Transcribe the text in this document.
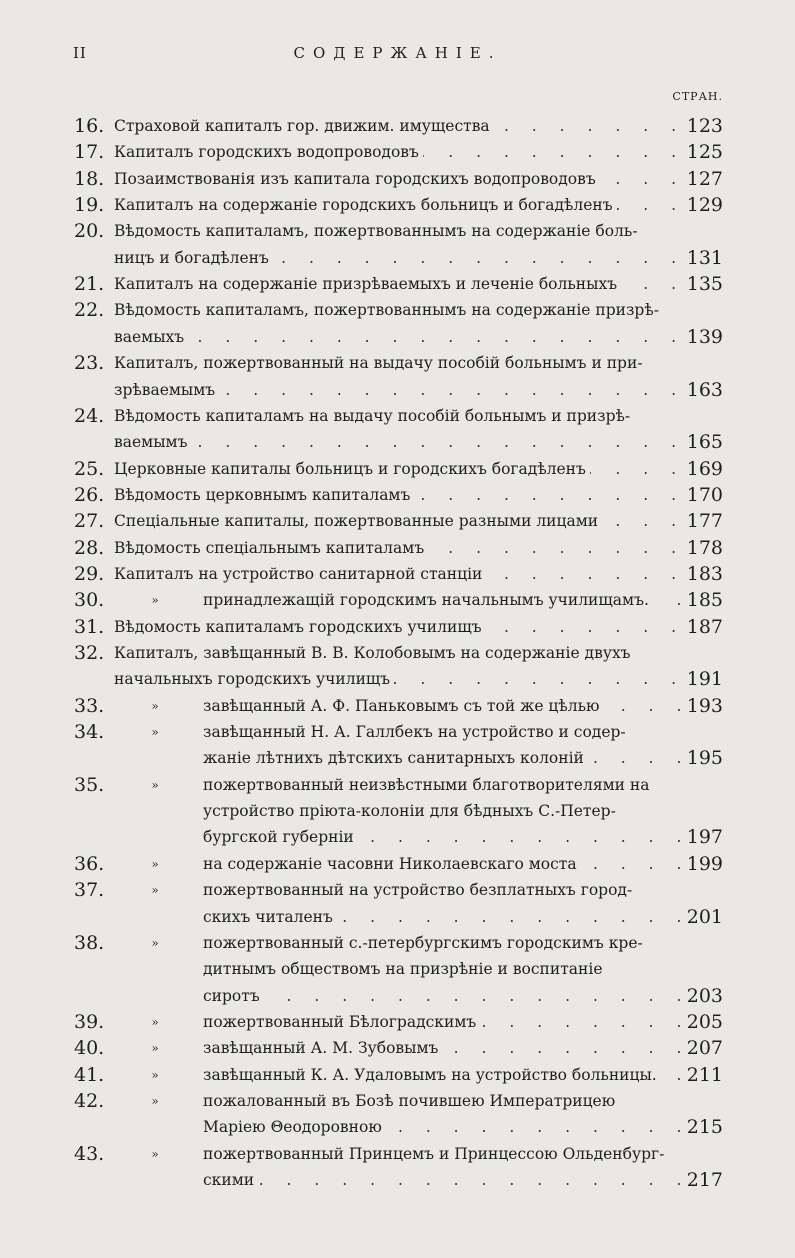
II	СОДЕРЖАНІЕ.
СТРАН.
16. . . . Страховой капиталъ гор. движим. имущества	123
17. . . . Капиталъ городскихъ водопроводовъ	125
18. . . . Позаимствованія изъ капитала городскихъ водопроводовъ	127
19. . . . Капиталъ на содержаніе городскихъ больницъ и богадѣленъ	129
20. Вѣдомость капиталамъ, пожертвованнымъ на содержаніе боль-
. . .
ницъ и богадѣленъ	131
21. . . . Капиталъ на содержаніе призрѣваемыхъ и леченіе больныхъ	135
22. Вѣдомость капиталамъ, пожертвованнымъ на содержаніе призрѣ-
. . .
ваемыхъ	139
23. Капиталъ, пожертвованный на выдачу пособій больнымъ и при-
. . .
зрѣваемымъ	163
24. Вѣдомость капиталамъ на выдачу пособій больнымъ и призрѣ-
. . .
ваемымъ	165
25. . . . Церковные капиталы больницъ и городскихъ богадѣленъ	169
26. . . . Вѣдомость церковнымъ капиталамъ	170
27. . . . Спеціальные капиталы, пожертвованные разными лицами	177
28. . . . Вѣдомость спеціальнымъ капиталамъ	178
29. . . . Капиталъ на устройство санитарной станціи	183
30.	» . . .	принадлежащій городскимъ начальнымъ училищамъ.	185
31. . . . Вѣдомость капиталамъ городскихъ училищъ	187
32. Капиталъ, завѣщанный В. В. Колобовымъ на содержаніе двухъ
. . .
начальныхъ городскихъ училищъ	191
33.	» . . .	завѣщанный А. Ф. Паньковымъ съ той же цѣлью	193
34.	»	завѣщанный Н. А. Галлбекъ на устройство и содер-
. . .
жаніе лѣтнихъ дѣтскихъ санитарныхъ колоній	195
35.	»	пожертвованный неизвѣстными благотворителями на
устройство пріюта-колоніи для бѣдныхъ С.-Петер-
. . .
бургской губерніи	197
36.	» . . .	на содержаніе часовни Николаевскаго моста	199
37.	»	пожертвованный на устройство безплатныхъ город-
. . .
скихъ читаленъ	201
38.	»	пожертвованный с.-петербургскимъ городскимъ кре-
дитнымъ обществомъ на призрѣніе и воспитаніе
. . .
сиротъ	203
39.	» . . .	пожертвованный Бѣлоградскимъ	205
40.	» . . .	завѣщанный А. М. Зубовымъ	207
41.	» . . .	завѣщанный К. А. Удаловымъ на устройство больницы.	211
42.	»	пожалованный въ Бозѣ почившею Императрицею
. . .
Маріею Θеодоровною	215
43.	»	пожертвованный Принцемъ и Принцессою Ольденбург-
. . .
скими	217
